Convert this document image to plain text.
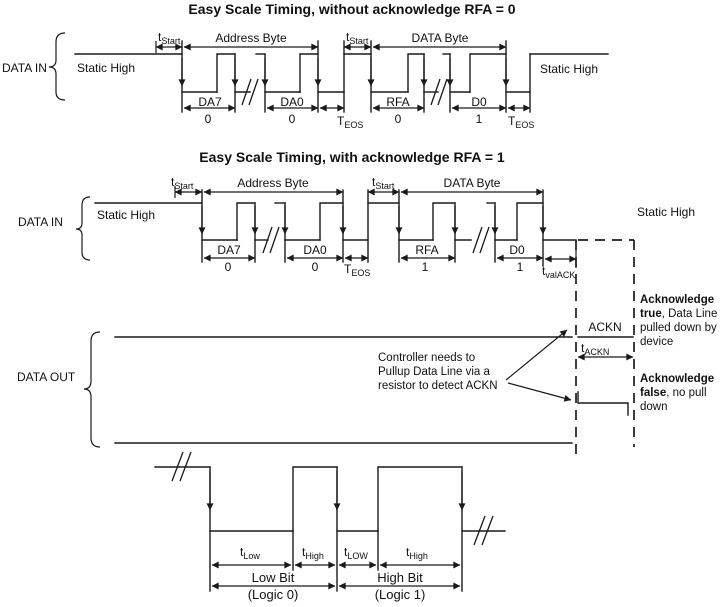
Easy Scale Timing, without acknowledge RFA = 0
DATA IN	Static High	Static High
$t_{Start}$	Address Byte	$t_{Start}$	DATA Byte
DA7
0
DA0
0	$T_{EOS}$
RFA
0
D0
1 $T_{EOS}$
Easy Scale Timing, with acknowledge RFA = 1
DATA IN	Static High	Static High
$t_{Start}$	Address Byte	$t_{Start}$	DATA Byte
DA7
0
DA0
0 $T_{EOS}$
RFA
1
D0
1 $t_{valACK}$
DATA OUT
Controller needs to
Pullup Data Line via a
resistor to detect ACKN
ACKN
$t_{ACKN}$
Acknowledge
true, Data Line
pulled down by
device
Acknowledge
false, no pull
down
$t_{Low}$	$t_{High}$ $t_{LOW}$	$t_{High}$
Low Bit
(Logic 0)
High Bit
(Logic 1)
